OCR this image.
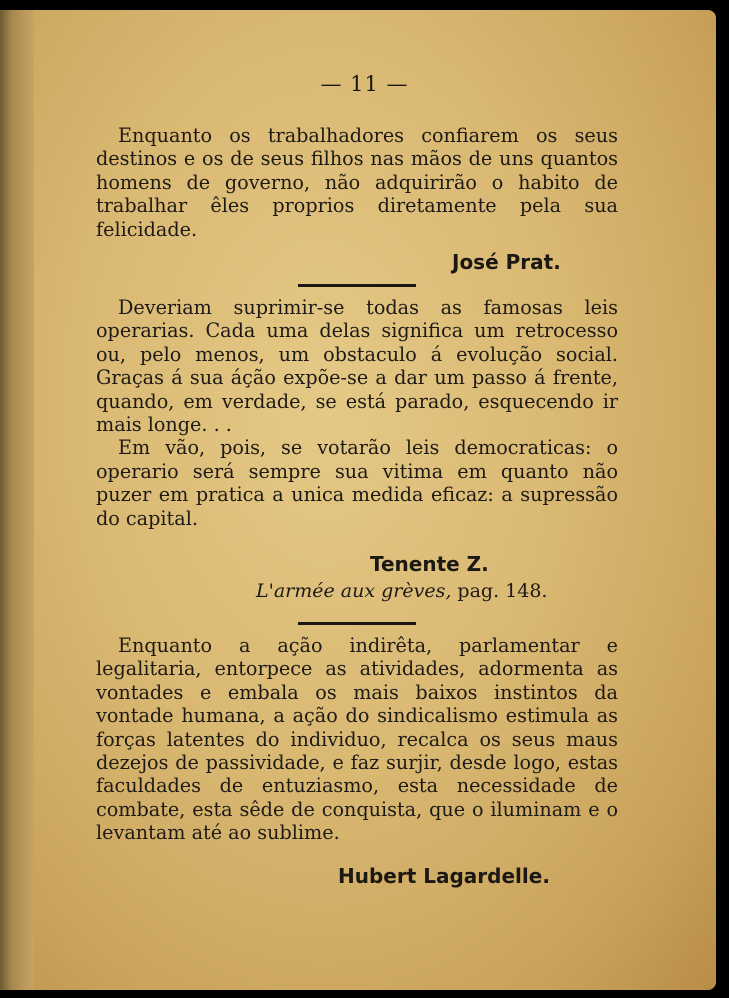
— 11 —

Enquanto os trabalhadores confiarem os seus destinos e os de seus filhos nas mãos de uns quantos homens de governo, não adquirirão o habito de trabalhar êles proprios diretamente pela sua felicidade.

José Prat.

Deveriam suprimir-se todas as famosas leis operarias. Cada uma delas significa um retrocesso ou, pelo menos, um obstaculo á evolução social. Graças á sua áção expõe-se a dar um passo á frente, quando, em verdade, se está parado, esquecendo ir mais longe. . .

Em vão, pois, se votarão leis democraticas: o operario será sempre sua vitima em quanto não puzer em pratica a unica medida eficaz: a supressão do capital.

Tenente Z.
L'armée aux grèves, pag. 148.

Enquanto a ação indirêta, parlamentar e legalitaria, entorpece as atividades, adormenta as vontades e embala os mais baixos instintos da vontade humana, a ação do sindicalismo estimula as forças latentes do individuo, recalca os seus maus dezejos de passividade, e faz surjir, desde logo, estas faculdades de entuziasmo, esta necessidade de combate, esta sêde de conquista, que o iluminam e o levantam até ao sublime.

Hubert Lagardelle.
